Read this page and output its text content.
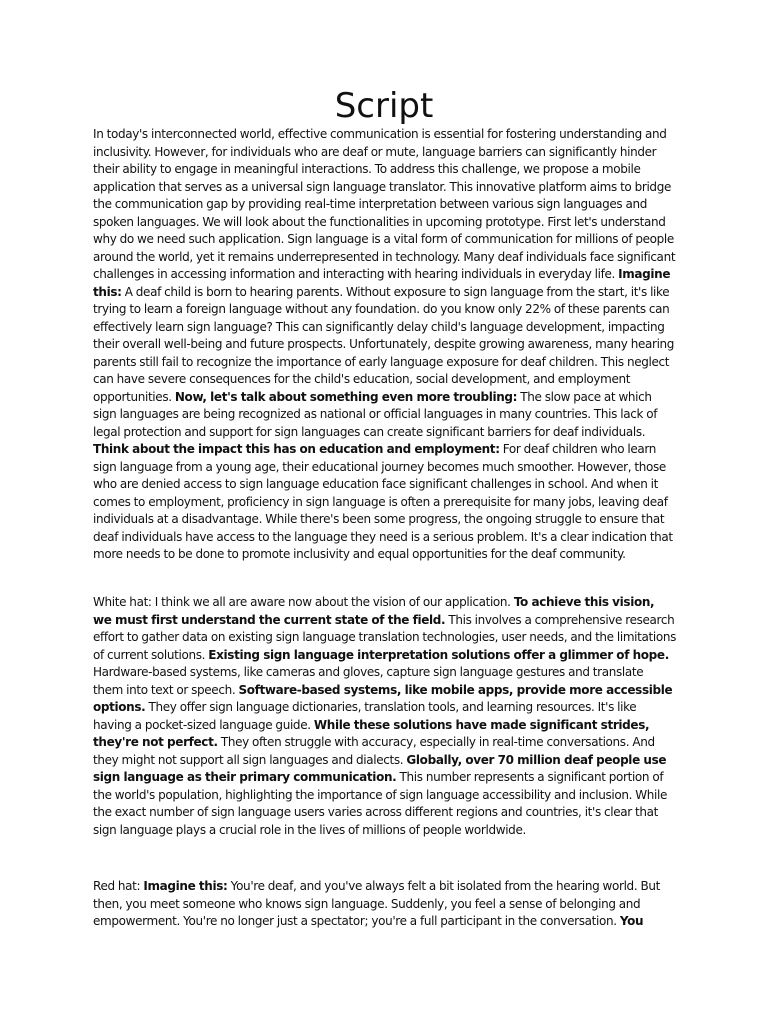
Script

In today's interconnected world, effective communication is essential for fostering understanding and inclusivity. However, for individuals who are deaf or mute, language barriers can significantly hinder their ability to engage in meaningful interactions. To address this challenge, we propose a mobile application that serves as a universal sign language translator. This innovative platform aims to bridge the communication gap by providing real-time interpretation between various sign languages and spoken languages. We will look about the functionalities in upcoming prototype. First let's understand why do we need such application. Sign language is a vital form of communication for millions of people around the world, yet it remains underrepresented in technology. Many deaf individuals face significant challenges in accessing information and interacting with hearing individuals in everyday life. Imagine this: A deaf child is born to hearing parents. Without exposure to sign language from the start, it's like trying to learn a foreign language without any foundation. do you know only 22% of these parents can effectively learn sign language? This can significantly delay child's language development, impacting their overall well-being and future prospects. Unfortunately, despite growing awareness, many hearing parents still fail to recognize the importance of early language exposure for deaf children. This neglect can have severe consequences for the child's education, social development, and employment opportunities. Now, let's talk about something even more troubling: The slow pace at which sign languages are being recognized as national or official languages in many countries. This lack of legal protection and support for sign languages can create significant barriers for deaf individuals. Think about the impact this has on education and employment: For deaf children who learn sign language from a young age, their educational journey becomes much smoother. However, those who are denied access to sign language education face significant challenges in school. And when it comes to employment, proficiency in sign language is often a prerequisite for many jobs, leaving deaf individuals at a disadvantage. While there's been some progress, the ongoing struggle to ensure that deaf individuals have access to the language they need is a serious problem. It's a clear indication that more needs to be done to promote inclusivity and equal opportunities for the deaf community.

White hat: I think we all are aware now about the vision of our application. To achieve this vision, we must first understand the current state of the field. This involves a comprehensive research effort to gather data on existing sign language translation technologies, user needs, and the limitations of current solutions. Existing sign language interpretation solutions offer a glimmer of hope. Hardware-based systems, like cameras and gloves, capture sign language gestures and translate them into text or speech. Software-based systems, like mobile apps, provide more accessible options. They offer sign language dictionaries, translation tools, and learning resources. It's like having a pocket-sized language guide. While these solutions have made significant strides, they're not perfect. They often struggle with accuracy, especially in real-time conversations. And they might not support all sign languages and dialects. Globally, over 70 million deaf people use sign language as their primary communication. This number represents a significant portion of the world's population, highlighting the importance of sign language accessibility and inclusion. While the exact number of sign language users varies across different regions and countries, it's clear that sign language plays a crucial role in the lives of millions of people worldwide.

Red hat: Imagine this: You're deaf, and you've always felt a bit isolated from the hearing world. But then, you meet someone who knows sign language. Suddenly, you feel a sense of belonging and empowerment. You're no longer just a spectator; you're a full participant in the conversation. You
